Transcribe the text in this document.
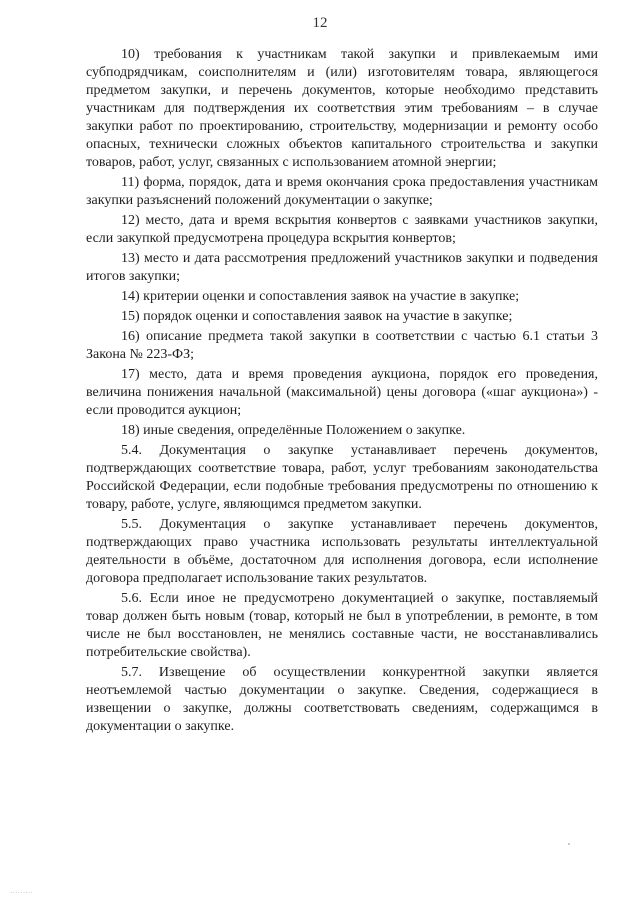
12

10) требования к участникам такой закупки и привлекаемым ими субподрядчикам, соисполнителям и (или) изготовителям товара, являющегося предметом закупки, и перечень документов, которые необходимо представить участникам для подтверждения их соответствия этим требованиям – в случае закупки работ по проектированию, строительству, модернизации и ремонту особо опасных, технически сложных объектов капитального строительства и закупки товаров, работ, услуг, связанных с использованием атомной энергии;

11) форма, порядок, дата и время окончания срока предоставления участникам закупки разъяснений положений документации о закупке;

12) место, дата и время вскрытия конвертов с заявками участников закупки, если закупкой предусмотрена процедура вскрытия конвертов;

13) место и дата рассмотрения предложений участников закупки и подведения итогов закупки;

14) критерии оценки и сопоставления заявок на участие в закупке;

15) порядок оценки и сопоставления заявок на участие в закупке;

16) описание предмета такой закупки в соответствии с частью 6.1 статьи 3 Закона № 223-ФЗ;

17) место, дата и время проведения аукциона, порядок его проведения, величина понижения начальной (максимальной) цены договора («шаг аукциона») - если проводится аукцион;

18) иные сведения, определённые Положением о закупке.

5.4. Документация о закупке устанавливает перечень документов, подтверждающих соответствие товара, работ, услуг требованиям законодательства Российской Федерации, если подобные требования предусмотрены по отношению к товару, работе, услуге, являющимся предметом закупки.

5.5. Документация о закупке устанавливает перечень документов, подтверждающих право участника использовать результаты интеллектуальной деятельности в объёме, достаточном для исполнения договора, если исполнение договора предполагает использование таких результатов.

5.6. Если иное не предусмотрено документацией о закупке, поставляемый товар должен быть новым (товар, который не был в употреблении, в ремонте, в том числе не был восстановлен, не менялись составные части, не восстанавливались потребительские свойства).

5.7. Извещение об осуществлении конкурентной закупки является неотъемлемой частью документации о закупке. Сведения, содержащиеся в извещении о закупке, должны соответствовать сведениям, содержащимся в документации о закупке.

.........
